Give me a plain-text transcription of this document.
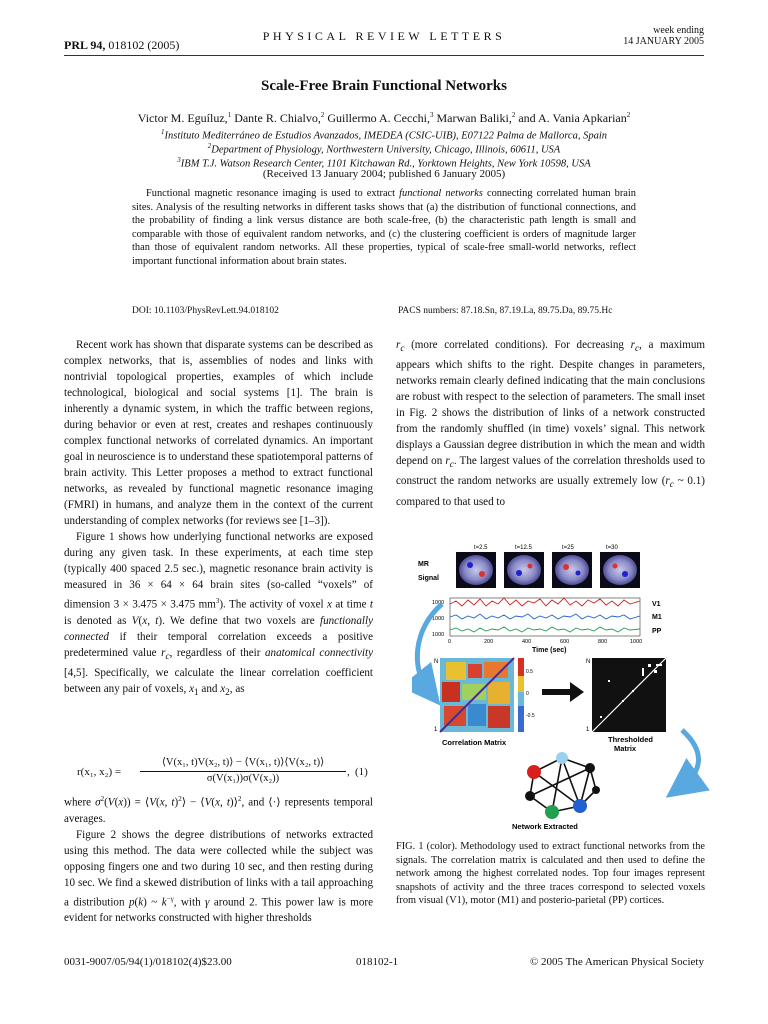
PRL 94, 018102 (2005)
PHYSICAL REVIEW LETTERS	week ending
14 JANUARY 2005
Scale-Free Brain Functional Networks
Victor M. Eguíluz,$^1$ Dante R. Chialvo,$^2$ Guillermo A. Cecchi,$^3$ Marwan Baliki,$^2$ and A. Vania Apkarian$^2$
$^1$Instituto Mediterráneo de Estudios Avanzados, IMEDEA (CSIC-UIB), E07122 Palma de Mallorca, Spain
$^2$Department of Physiology, Northwestern University, Chicago, Illinois, 60611, USA
$^3$IBM T.J. Watson Research Center, 1101 Kitchawan Rd., Yorktown Heights, New York 10598, USA
(Received 13 January 2004; published 6 January 2005)

Functional magnetic resonance imaging is used to extract functional networks connecting correlated human brain sites. Analysis of the resulting networks in different tasks shows that (a) the distribution of functional connections, and the probability of finding a link versus distance are both scale-free, (b) the characteristic path length is small and comparable with those of equivalent random networks, and (c) the clustering coefficient is orders of magnitude larger than those of equivalent random networks. All these properties, typical of scale-free small-world networks, reflect important functional information about brain states.

DOI: 10.1103/PhysRevLett.94.018102	PACS numbers: 87.18.Sn, 87.19.La, 89.75.Da, 89.75.Hc

Recent work has shown that disparate systems can be described as complex networks, that is, assemblies of nodes and links with nontrivial topological properties, examples of which include technological, biological and social systems [1]. The brain is inherently a dynamic system, in which the traffic between regions, during behavior or even at rest, creates and reshapes continuously complex functional networks of correlated dynamics. An important goal in neuroscience is to understand these spatiotemporal patterns of brain activity. This Letter proposes a method to extract functional networks, as revealed by functional magnetic resonance imaging (FMRI) in humans, and analyze them in the context of the current understanding of complex networks (for reviews see [1–3]).

Figure 1 shows how underlying functional networks are exposed during any given task. In these experiments, at each time step (typically 400 spaced 2.5 sec.), magnetic resonance brain activity is measured in 36 × 64 × 64 brain sites (so-called “voxels” of dimension 3 × 3.475 × 3.475 $mm^3$). The activity of voxel x at time t is denoted as V(x, t). We define that two voxels are functionally connected if their temporal correlation exceeds a positive predetermined value $r_c$, regardless of their anatomical connectivity [4,5]. Specifically, we calculate the linear correlation coefficient between any pair of voxels, $x_1$ and $x_2$, as

r(x₁, x₂) =
⟨V(x₁, t)V(x₂, t)⟩ − ⟨V(x₁, t)⟩⟨V(x₂, t)⟩
σ(V(x₁))σ(V(x₂))
, (1)

where $\sigma^2(V(x))$ = ⟨V(x, t)$^2$⟩ − ⟨V(x, t)⟩$^2$, and ⟨·⟩ represents temporal averages.

Figure 2 shows the degree distributions of networks extracted using this method. The data were collected while the subject was opposing fingers one and two during 10 sec, and then resting during 10 sec. We find a skewed distribution of links with a tail approaching a distribution p(k) ~ $k^{-\gamma}$, with γ around 2. This power law is more evident for networks constructed with higher thresholds

$r_c$ (more correlated conditions). For decreasing $r_c$, a maximum appears which shifts to the right. Despite changes in parameters, networks remain clearly defined indicating that the main conclusions are robust with respect to the selection of parameters. The small inset in Fig. 2 shows the distribution of links of a network constructed from the randomly shuffled (in time) voxels’ signal. This network displays a Gaussian degree distribution in which the mean and width depend on $r_c$. The largest values of the correlation thresholds used to construct the random networks are usually extremely low ($r_c$ ~ 0.1) compared to that used to

t=2.5	t=12.5	t=25	t=30
MR
Signal
1000
1000
1000
V1
M1
PP
0	200	400	600	800	1000
Time (sec)
N
1
0.5
0
-0.5
Correlation Matrix
N
1
Thresholded
Matrix
Network Extracted
FIG. 1 (color). Methodology used to extract functional networks from the signals. The correlation matrix is calculated and then used to define the network among the highest correlated nodes. Top four images represent snapshots of activity and the three traces correspond to selected voxels from visual (V1), motor (M1) and posterio-parietal (PP) cortices.
0031-9007/05/94(1)/018102(4)$23.00	018102-1	© 2005 The American Physical Society
